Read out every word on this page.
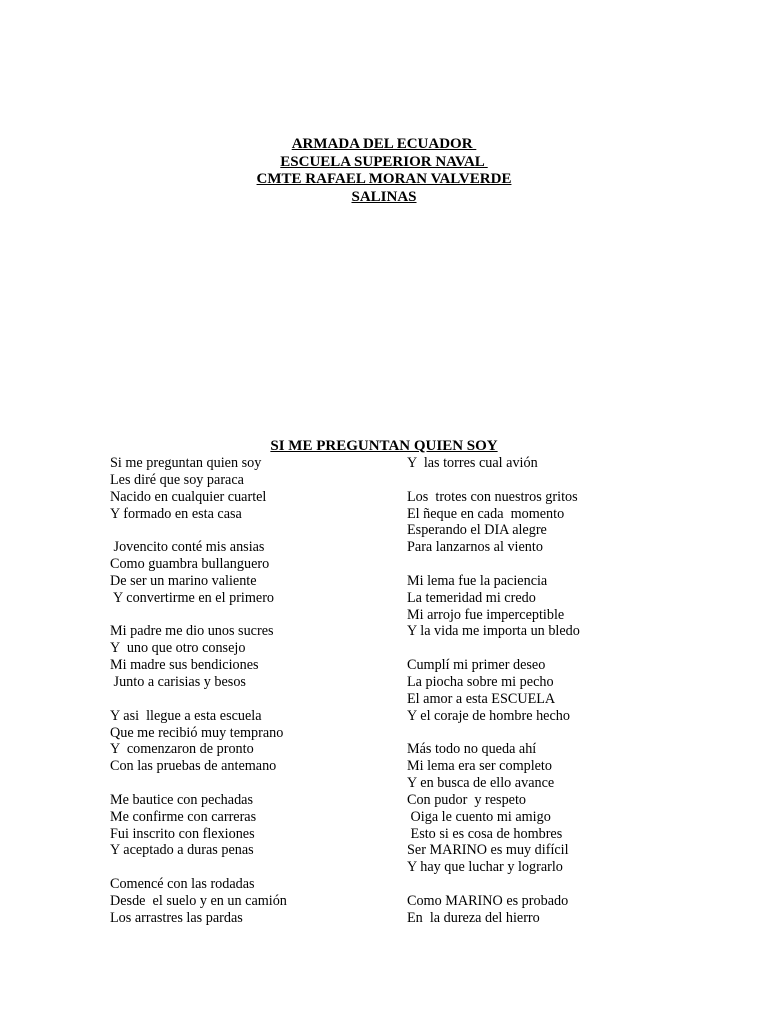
ARMADA DEL ECUADOR
ESCUELA SUPERIOR NAVAL
CMTE RAFAEL MORAN VALVERDE
SALINAS
SI ME PREGUNTAN QUIEN SOY
Si me preguntan quien soy
Les diré que soy paraca
Nacido en cualquier cuartel
Y formado en esta casa
Jovencito conté mis ansias
Como guambra bullanguero
De ser un marino valiente
Y convertirme en el primero
Mi padre me dio unos sucres
Y  uno que otro consejo
Mi madre sus bendiciones
Junto a carisias y besos
Y asi  llegue a esta escuela
Que me recibió muy temprano
Y  comenzaron de pronto
Con las pruebas de antemano
Me bautice con pechadas
Me confirme con carreras
Fui inscrito con flexiones
Y aceptado a duras penas
Comencé con las rodadas
Desde  el suelo y en un camión
Los arrastres las pardas
Y  las torres cual avión
Los  trotes con nuestros gritos
El ñeque en cada  momento
Esperando el DIA alegre
Para lanzarnos al viento
Mi lema fue la paciencia
La temeridad mi credo
Mi arrojo fue imperceptible
Y la vida me importa un bledo
Cumplí mi primer deseo
La piocha sobre mi pecho
El amor a esta ESCUELA
Y el coraje de hombre hecho
Más todo no queda ahí
Mi lema era ser completo
Y en busca de ello avance
Con pudor  y respeto
Oiga le cuento mi amigo
Esto si es cosa de hombres
Ser MARINO es muy difícil
Y hay que luchar y lograrlo
Como MARINO es probado
En  la dureza del hierro
